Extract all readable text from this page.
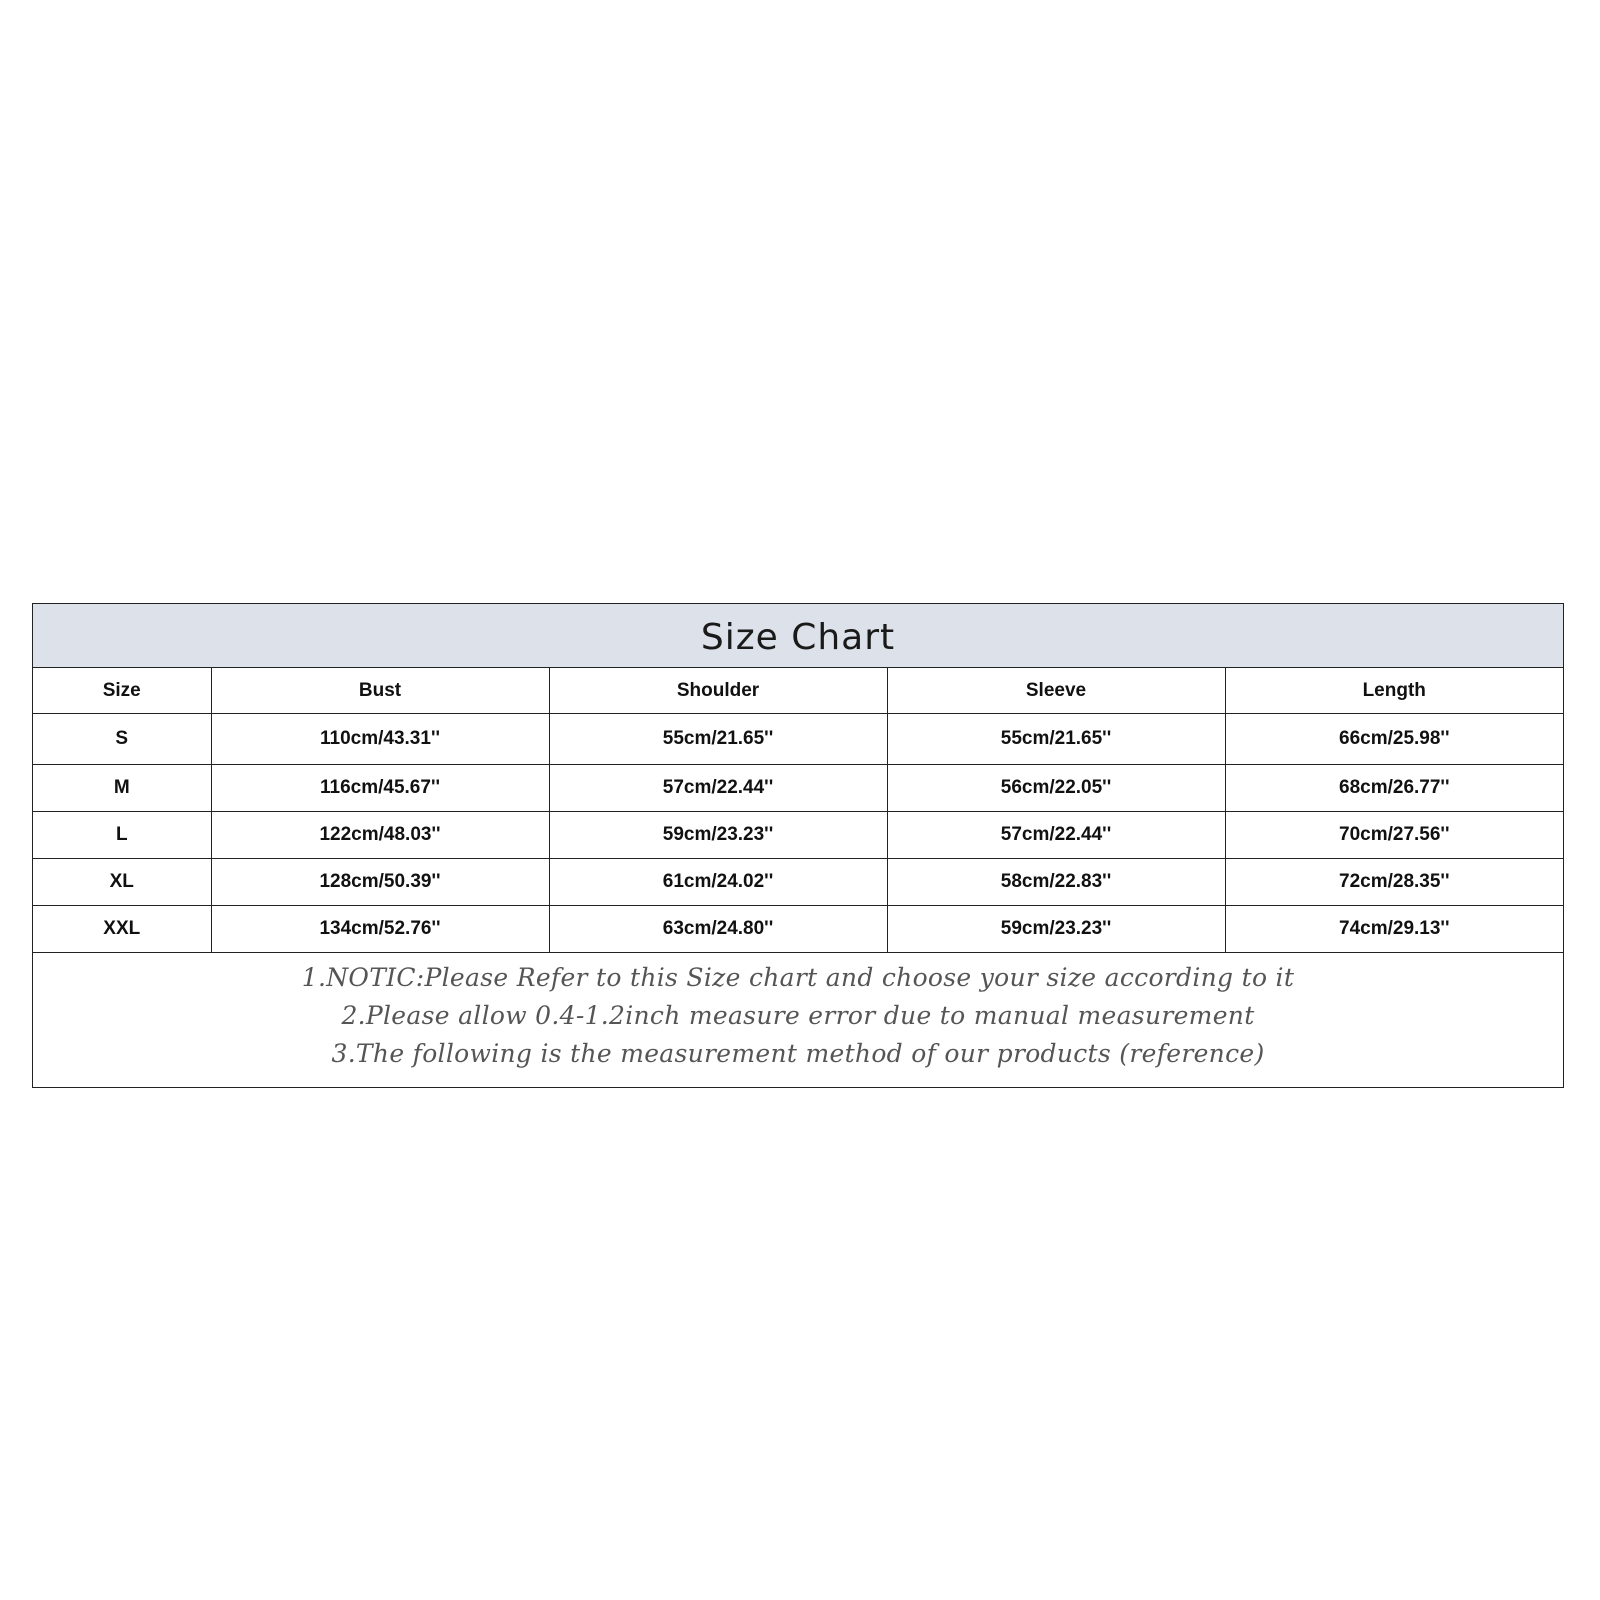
Size Chart
Size	Bust	Shoulder	Sleeve	Length
S	110cm/43.31''	55cm/21.65''	55cm/21.65''	66cm/25.98''
M	116cm/45.67''	57cm/22.44''	56cm/22.05''	68cm/26.77''
L	122cm/48.03''	59cm/23.23''	57cm/22.44''	70cm/27.56''
XL	128cm/50.39''	61cm/24.02''	58cm/22.83''	72cm/28.35''
XXL	134cm/52.76''	63cm/24.80''	59cm/23.23''	74cm/29.13''
1.NOTIC:Please Refer to this Size chart and choose your size according to it
2.Please allow 0.4-1.2inch measure error due to manual measurement
3.The following is the measurement method of our products (reference)
